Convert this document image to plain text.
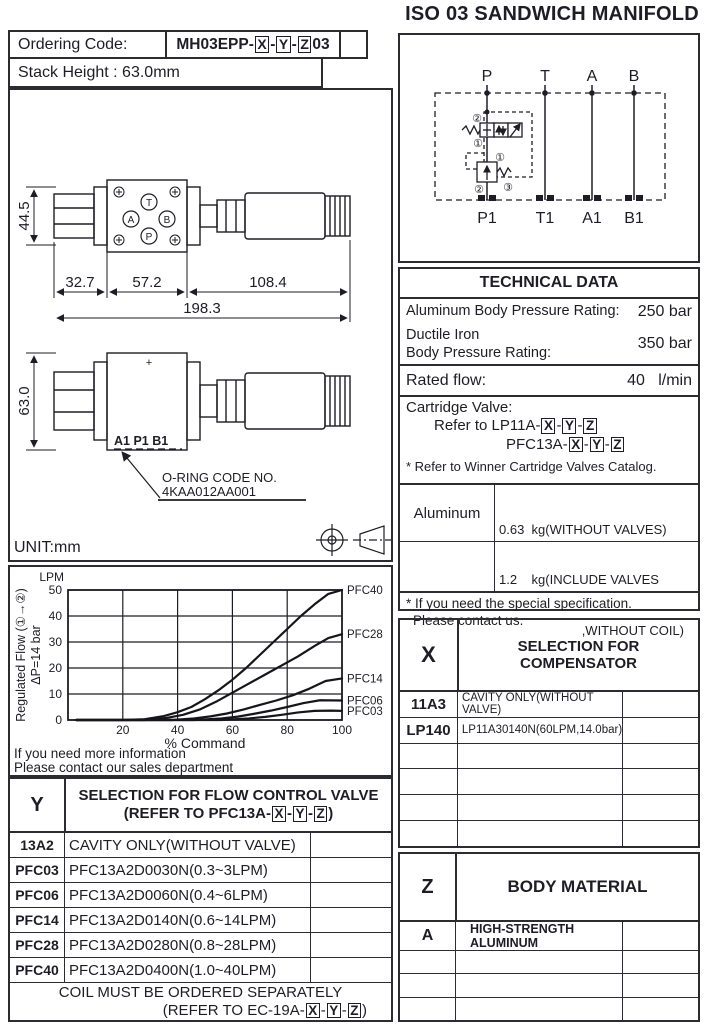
ISO 03 SANDWICH MANIFOLD
Ordering Code:	MH03EPP- X - Y - Z 03
Stack Height : 63.0mm
T
A	B
P
44.5
32.7	57.2	108.4
198.3
+
A1 P1 B1
63.0
O-RING CODE NO.
4KAA012AA001
UNIT:mm
P
P1
T
T1
A
A1
B
B1
②
①
①
③
②
TECHNICAL DATA
Aluminum Body Pressure Rating: 250 bar
Ductile Iron
Body Pressure Rating:
350 bar
Rated flow:	40   l/min
Cartridge Valve:
Refer to LP11A- X - Y - Z
PFC13A- X - Y - Z
* Refer to Winner Cartridge Valves Catalog.
Aluminum

0.63  kg(WITHOUT VALVES)

1.2    kg(INCLUDE VALVES

,WITHOUT COIL)

* If you need the special specification.
Please contact us.
0
10
20
30
40
50
20	40	60	80	100
LPM
% Command
PFC40
PFC28
PFC14
PFC06
PFC03
Regulated Flow (①→②) ΔP=14 bar
If you need more information
Please contact our sales department
Y	SELECTION FOR FLOW CONTROL VALVE
(REFER TO PFC13A- X - Y - Z )
13A2	CAVITY ONLY(WITHOUT VALVE)
PFC03 PFC13A2D0030N(0.3~3LPM)
PFC06 PFC13A2D0060N(0.4~6LPM)
PFC14 PFC13A2D0140N(0.6~14LPM)
PFC28 PFC13A2D0280N(0.8~28LPM)
PFC40 PFC13A2D0400N(1.0~40LPM)
COIL MUST BE ORDERED SEPARATELY
(REFER TO EC-19A- X - Y - Z )
X	SELECTION FOR COMPENSATOR
11A3	CAVITY ONLY(WITHOUT VALVE)
LP140 LP11A30140N(60LPM,14.0bar)
Z	BODY MATERIAL
A	HIGH-STRENGTH ALUMINUM
